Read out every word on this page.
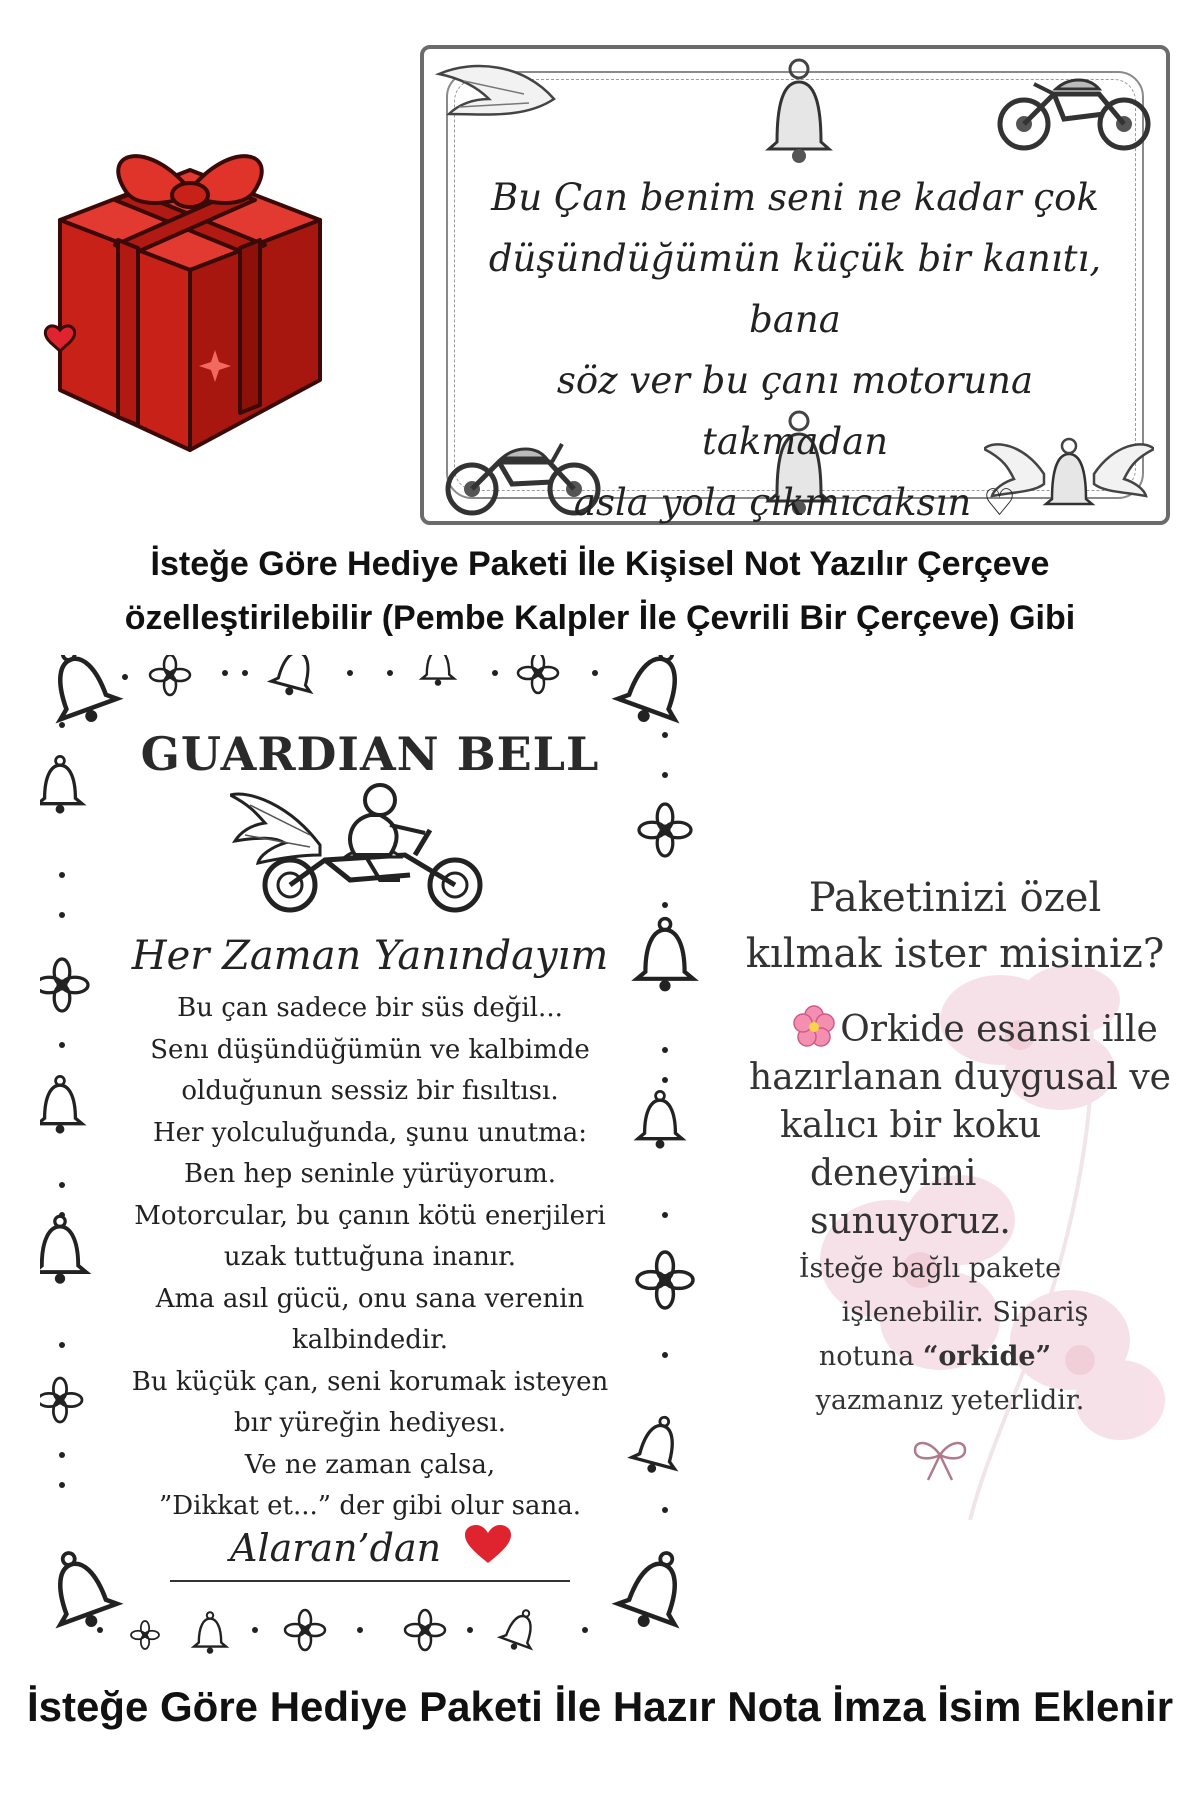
Bu Çan benim seni ne kadar çok
düşündüğümün küçük bir kanıtı, bana
söz ver bu çanı motoruna takmadan
asla yola çıkmıcaksın ♡
İsteğe Göre Hediye Paketi İle Kişisel Not Yazılır Çerçeve
özelleştirilebilir (Pembe Kalpler İle Çevrili Bir Çerçeve) Gibi
GUARDIAN BELL
Her Zaman Yanındayım
Bu çan sadece bir süs değil...
Senı düşündüğümün ve kalbimde
olduğunun sessiz bir fısıltısı.
Her yolculuğunda, şunu unutma:
Ben hep seninle yürüyorum.
Motorcular, bu çanın kötü enerjileri
uzak tuttuğuna inanır.
Ama asıl gücü, onu sana verenin
kalbindedir.
Bu küçük çan, seni korumak isteyen
bır yüreğin hediyesı.
Ve ne zaman çalsa,
”Dikkat et...” der gibi olur sana.
Alaran’dan
Paketinizi özel
kılmak ister misiniz?
Orkide esansi ille
hazırlanan duygusal ve
kalıcı bir koku
deneyimi sunuyoruz.
İsteğe bağlı pakete
işlenebilir. Sipariş
notuna “orkide”
yazmanız yeterlidir.
İsteğe Göre Hediye Paketi İle Hazır Nota İmza İsim Eklenir
